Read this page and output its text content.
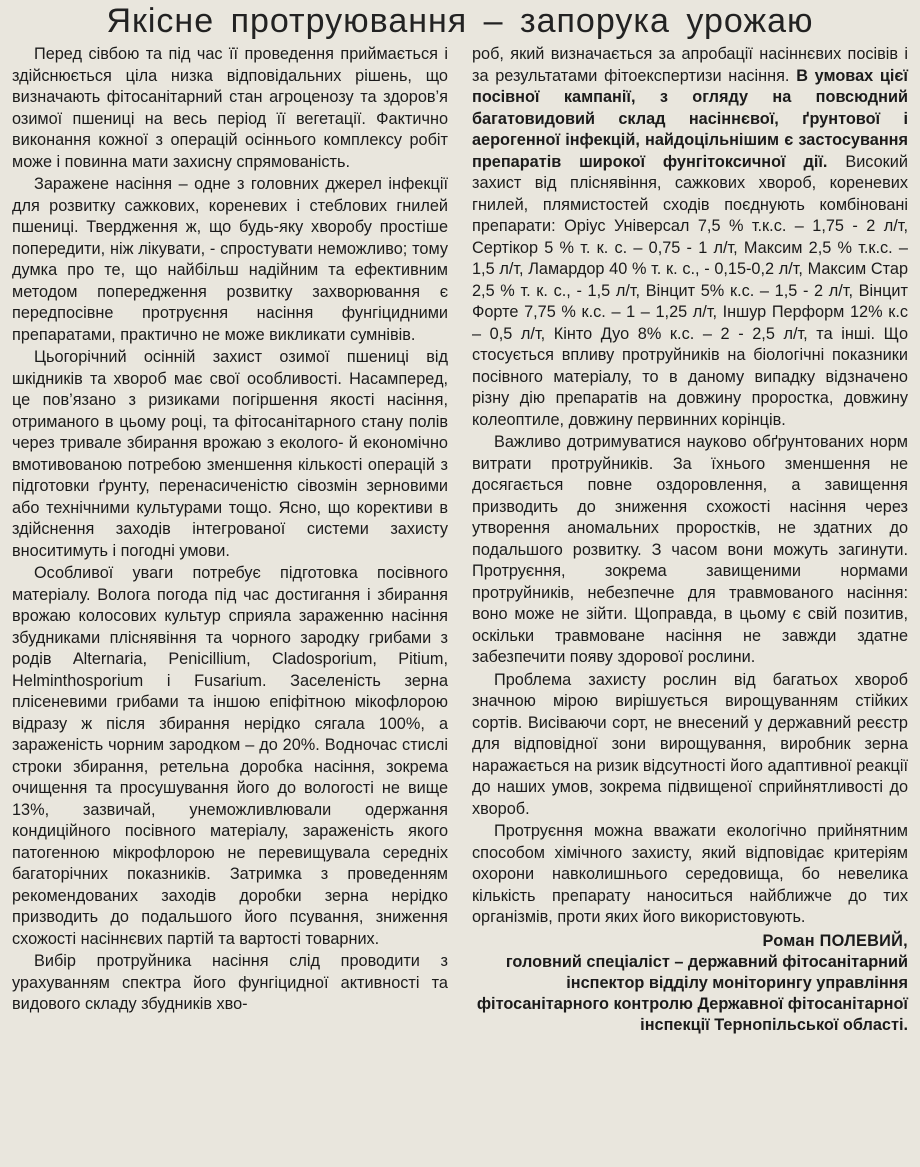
Якісне протруювання – запорука урожаю

Перед сівбою та під час її проведення приймається і здійснюється ціла низка відповідальних рішень, що визначають фітосанітарний стан агроценозу та здоров’я озимої пшениці на весь період її вегетації. Фактично виконання кожної з операцій осіннього комплексу робіт може і повинна мати захисну спрямованість.

Заражене насіння – одне з головних джерел інфекції для розвитку сажкових, кореневих і стеблових гнилей пшениці. Твердження ж, що будь-яку хворобу простіше попередити, ніж лікувати, - спростувати неможливо; тому думка про те, що найбільш надійним та ефективним методом попередження розвитку захворювання є передпосівне протруєння насіння фунгіцидними препаратами, практично не може викликати сумнівів.

Цьогорічний осінній захист озимої пшениці від шкідників та хвороб має свої особливості. Насамперед, це пов’язано з ризиками погіршення якості насіння, отриманого в цьому році, та фітосанітарного стану полів через тривале збирання врожаю з еколого- й економічно вмотивованою потребою зменшення кількості операцій з підготовки ґрунту, перенасиченістю сівозмін зерновими або технічними культурами тощо. Ясно, що корективи в здійснення заходів інтегрованої системи захисту вноситимуть і погодні умови.

Особливої уваги потребує підготовка посівного матеріалу. Волога погода під час достигання і збирання врожаю колосових культур сприяла зараженню насіння збудниками пліснявіння та чорного зародку грибами з родів Alternaria, Penicillium, Cladosporium, Pitium, Helminthosporium і Fusarium. Заселеність зерна плісеневими грибами та іншою епіфітною мікофлорою відразу ж після збирання нерідко сягала 100%, а зараженість чорним зародком – до 20%. Водночас стислі строки збирання, ретельна доробка насіння, зокрема очищення та просушування його до вологості не вище 13%, зазвичай, унеможливлювали одержання кондиційного посівного матеріалу, зараженість якого патогенною мікрофлорою не перевищувала середніх багаторічних показників. Затримка з проведенням рекомендованих заходів доробки зерна нерідко призводить до подальшого його псування, зниження схожості насіннєвих партій та вартості товарних.

Вибір протруйника насіння слід проводити з урахуванням спектра його фунгіцидної активності та видового складу збудників хво-

роб, який визначається за апробації насіннєвих посівів і за результатами фітоекспертизи насіння. В умовах цієї посівної кампанії, з огляду на повсюдний багатовидовий склад насіннєвої, ґрунтової і аерогенної інфекцій, найдоцільнішим є застосування препаратів широкої фунгітоксичної дії. Високий захист від пліснявіння, сажкових хвороб, кореневих гнилей, плямистостей сходів поєднують комбіновані препарати: Оріус Універсал 7,5 % т.к.с. – 1,75 - 2 л/т, Сертікор 5 % т. к. с. – 0,75 - 1 л/т, Максим 2,5 % т.к.с. – 1,5 л/т, Ламардор 40 % т. к. с., - 0,15-0,2 л/т, Максим Стар 2,5 % т. к. с., - 1,5 л/т, Вінцит 5% к.с. – 1,5 - 2 л/т, Вінцит Форте 7,75 % к.с. – 1 – 1,25 л/т, Іншур Перформ 12% к.с – 0,5 л/т, Кінто Дуо 8% к.с. – 2 - 2,5 л/т, та інші. Що стосується впливу протруйників на біологічні показники посівного матеріалу, то в даному випадку відзначено різну дію препаратів на довжину проростка, довжину колеоптиле, довжину первинних корінців.

Важливо дотримуватися науково обґрунтованих норм витрати протруйників. За їхнього зменшення не досягається повне оздоровлення, а завищення призводить до зниження схожості насіння через утворення аномальних проростків, не здатних до подальшого розвитку. З часом вони можуть загинути. Протруєння, зокрема завищеними нормами протруйників, небезпечне для травмованого насіння: воно може не зійти. Щоправда, в цьому є свій позитив, оскільки травмоване насіння не завжди здатне забезпечити появу здорової рослини.

Проблема захисту рослин від багатьох хвороб значною мірою вирішується вирощуванням стійких сортів. Висіваючи сорт, не внесений у державний реєстр для відповідної зони вирощування, виробник зерна наражається на ризик відсутності його адаптивної реакції до наших умов, зокрема підвищеної сприйнятливості до хвороб.

Протруєння можна вважати екологічно прийнятним способом хімічного захисту, який відповідає критеріям охорони навколишнього середовища, бо невелика кількість препарату наноситься найближче до тих організмів, проти яких його використовують.

Роман ПОЛЕВИЙ,
головний спеціаліст – державний фітосанітарний інспектор відділу моніторингу управління фітосанітарного контролю Державної фітосанітарної інспекції Тернопільської області.
